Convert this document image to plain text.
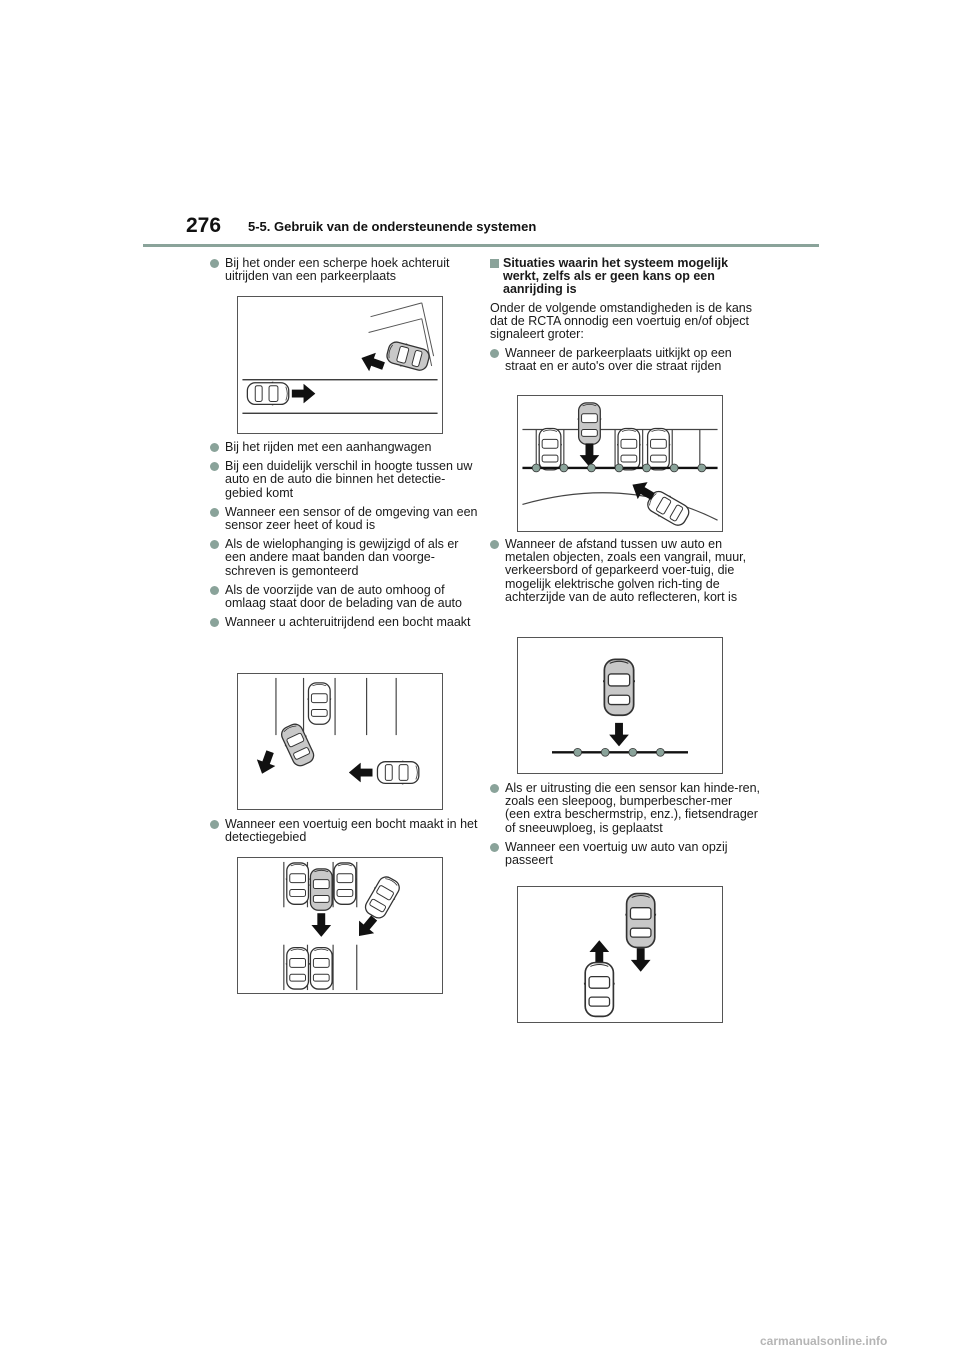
276 5-5. Gebruik van de ondersteunende systemen
Bij het onder een scherpe hoek achteruit uitrijden van een parkeerplaats
Bij het rijden met een aanhangwagen
Bij een duidelijk verschil in hoogte tussen uw auto en de auto die binnen het detectie-gebied komt
Wanneer een sensor of de omgeving van een sensor zeer heet of koud is
Als de wielophanging is gewijzigd of als er een andere maat banden dan voorge-schreven is gemonteerd
Als de voorzijde van de auto omhoog of omlaag staat door de belading van de auto
Wanneer u achteruitrijdend een bocht maakt
Wanneer een voertuig een bocht maakt in het detectiegebied
Situaties waarin het systeem mogelijk werkt, zelfs als er geen kans op een aanrijding is
Onder de volgende omstandigheden is de kans dat de RCTA onnodig een voertuig en/of object signaleert groter:
Wanneer de parkeerplaats uitkijkt op een straat en er auto's over die straat rijden
Wanneer de afstand tussen uw auto en metalen objecten, zoals een vangrail, muur, verkeersbord of geparkeerd voer-tuig, die mogelijk elektrische golven rich-ting de achterzijde van de auto reflecteren, kort is
Als er uitrusting die een sensor kan hinde-ren, zoals een sleepoog, bumperbescher-mer (een extra beschermstrip, enz.), fietsendrager of sneeuwploeg, is geplaatst
Wanneer een voertuig uw auto van opzij passeert
carmanualsonline.info
